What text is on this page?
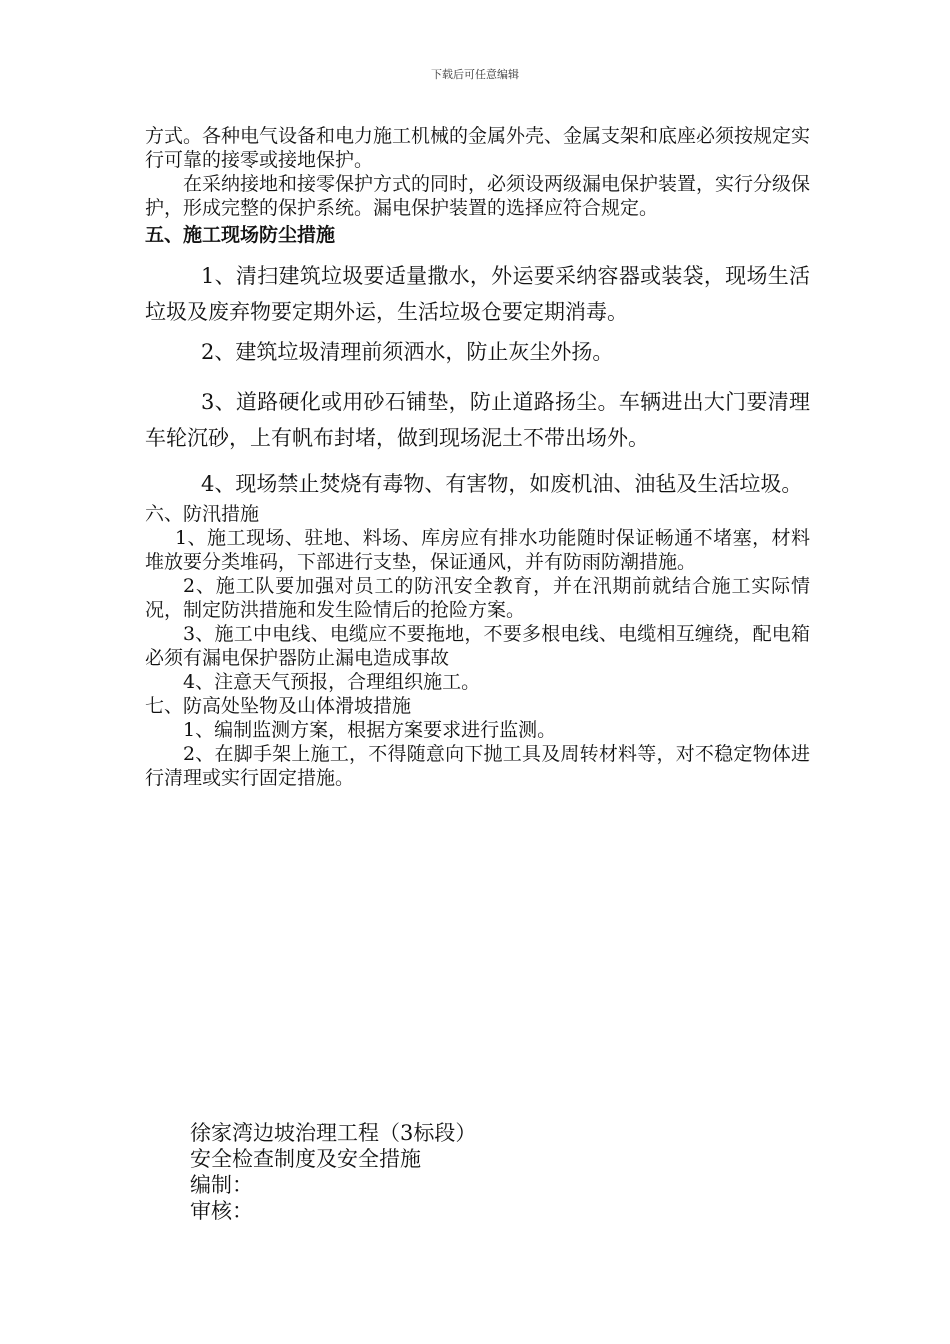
下载后可任意编辑

方式。各种电气设备和电力施工机械的金属外壳、金属支架和底座必须按规定实行可靠的接零或接地保护。

在采纳接地和接零保护方式的同时，必须设两级漏电保护装置，实行分级保护，形成完整的保护系统。漏电保护装置的选择应符合规定。

五、施工现场防尘措施

1、清扫建筑垃圾要适量撒水，外运要采纳容器或装袋，现场生活垃圾及废弃物要定期外运，生活垃圾仓要定期消毒。

2、建筑垃圾清理前须洒水，防止灰尘外扬。

3、道路硬化或用砂石铺垫，防止道路扬尘。车辆进出大门要清理车轮沉砂，上有帆布封堵，做到现场泥土不带出场外。

4、现场禁止焚烧有毒物、有害物，如废机油、油毡及生活垃圾。

六、防汛措施

1、施工现场、驻地、料场、库房应有排水功能随时保证畅通不堵塞，材料堆放要分类堆码，下部进行支垫，保证通风，并有防雨防潮措施。

2、施工队要加强对员工的防汛安全教育，并在汛期前就结合施工实际情况，制定防洪措施和发生险情后的抢险方案。

3、施工中电线、电缆应不要拖地，不要多根电线、电缆相互缠绕，配电箱必须有漏电保护器防止漏电造成事故

4、注意天气预报，合理组织施工。

七、防高处坠物及山体滑坡措施

1、编制监测方案，根据方案要求进行监测。

2、在脚手架上施工，不得随意向下抛工具及周转材料等，对不稳定物体进行清理或实行固定措施。

徐家湾边坡治理工程（3标段）
安全检查制度及安全措施
编制：
审核：
